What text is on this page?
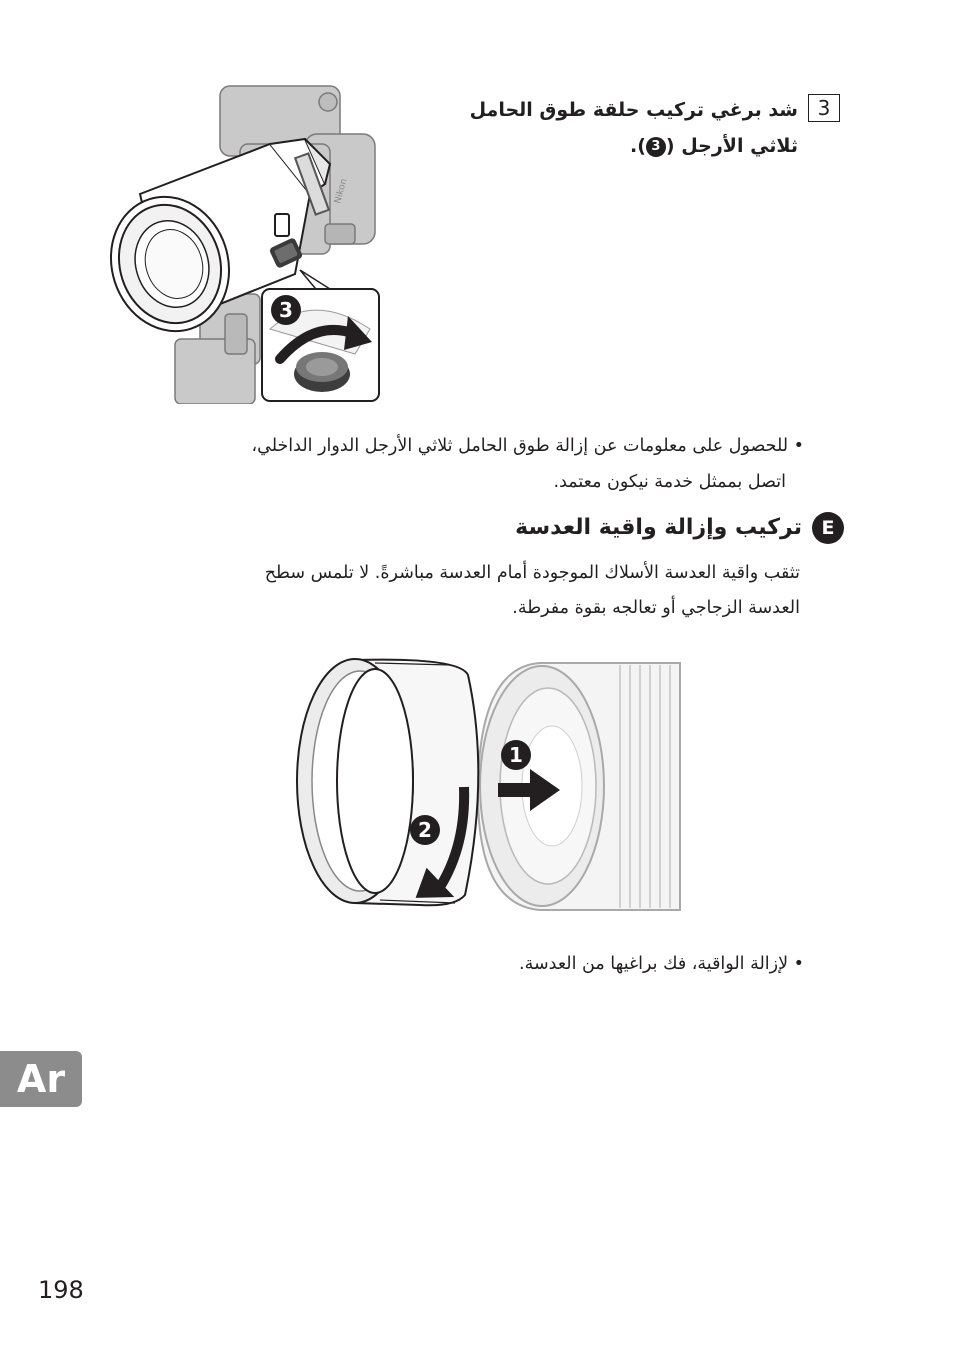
3
شد برغي تركيب حلقة طوق الحامل
ثلاثي الأرجل (3).
Nikon
3
• للحصول على معلومات عن إزالة طوق الحامل ثلاثي الأرجل الدوار الداخلي،
اتصل بممثل خدمة نيكون معتمد.
Eتركيب وإزالة واقية العدسة
تثقب واقية العدسة الأسلاك الموجودة أمام العدسة مباشرةً. لا تلمس سطح
العدسة الزجاجي أو تعالجه بقوة مفرطة.
1
2
• لإزالة الواقية، فك براغيها من العدسة.
Ar
198
